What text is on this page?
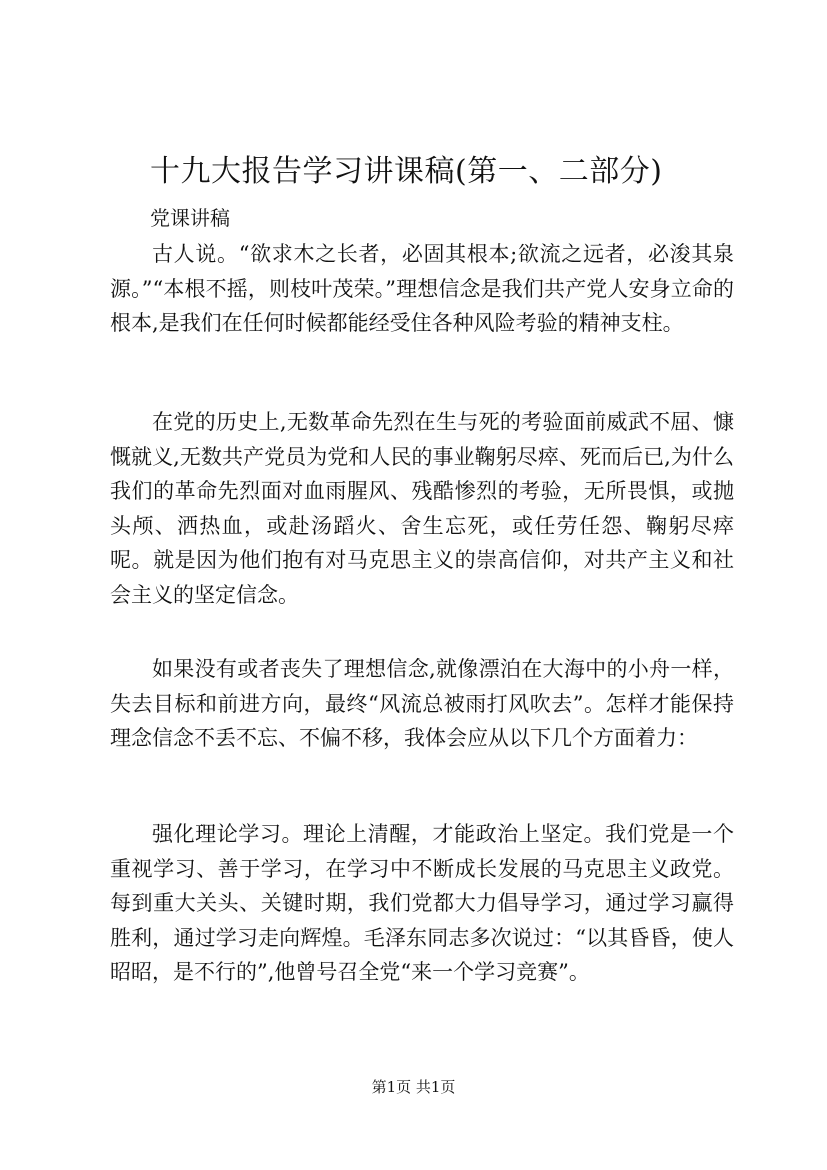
十九大报告学习讲课稿(第一、二部分)
党课讲稿

古人说。“欲求木之长者，必固其根本;欲流之远者，必浚其泉源。”“本根不摇，则枝叶茂荣。”理想信念是我们共产党人安身立命的根本,是我们在任何时候都能经受住各种风险考验的精神支柱。

在党的历史上,无数革命先烈在生与死的考验面前威武不屈、慷慨就义,无数共产党员为党和人民的事业鞠躬尽瘁、死而后已,为什么我们的革命先烈面对血雨腥风、残酷惨烈的考验，无所畏惧，或抛头颅、洒热血，或赴汤蹈火、舍生忘死，或任劳任怨、鞠躬尽瘁呢。就是因为他们抱有对马克思主义的崇高信仰，对共产主义和社会主义的坚定信念。

如果没有或者丧失了理想信念,就像漂泊在大海中的小舟一样，失去目标和前进方向，最终“风流总被雨打风吹去”。怎样才能保持理念信念不丢不忘、不偏不移，我体会应从以下几个方面着力：

强化理论学习。理论上清醒，才能政治上坚定。我们党是一个重视学习、善于学习，在学习中不断成长发展的马克思主义政党。每到重大关头、关键时期，我们党都大力倡导学习，通过学习赢得胜利，通过学习走向辉煌。毛泽东同志多次说过：“以其昏昏，使人昭昭，是不行的”,他曾号召全党“来一个学习竞赛”。

第1页 共1页
